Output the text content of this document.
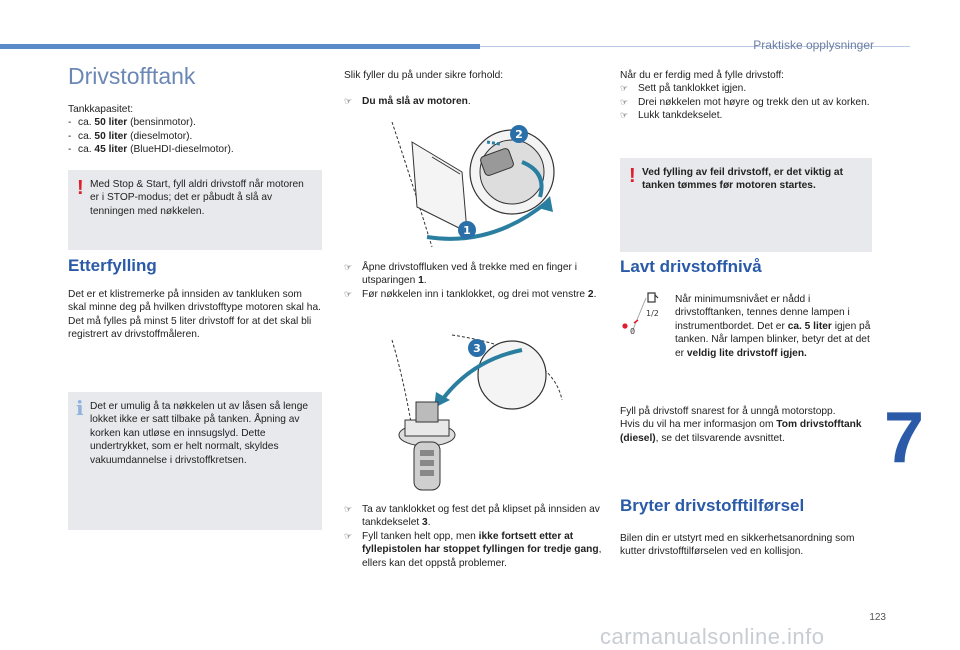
Praktiske opplysninger
Drivstofftank

Tankkapasitet:

- ca. 50 liter (bensinmotor).
- ca. 50 liter (dieselmotor).
- ca. 45 liter (BlueHDI-dieselmotor).
! Med Stop & Start, fyll aldri drivstoff når motoren er i STOP-modus; det er påbudt å slå av tenningen med nøkkelen.
Etterfylling

Det er et klistremerke på innsiden av tankluken som skal minne deg på hvilken drivstofftype motoren skal ha.

Det må fylles på minst 5 liter drivstoff for at det skal bli registrert av drivstoffmåleren.

i Det er umulig å ta nøkkelen ut av låsen så lenge lokket ikke er satt tilbake på tanken. Åpning av korken kan utløse en innsugslyd. Dette undertrykket, som er helt normalt, skyldes vakuumdannelse i drivstoffkretsen.
Slik fyller du på under sikre forhold:
☞ Du må slå av motoren.
2
1
☞ Åpne drivstoffluken ved å trekke med en finger i utsparingen 1.
☞ Før nøkkelen inn i tanklokket, og drei mot venstre 2.
3
☞ Ta av tanklokket og fest det på klipset på innsiden av tankdekselet 3.
☞ Fyll tanken helt opp, men ikke fortsett etter at fyllepistolen har stoppet fyllingen for tredje gang, ellers kan det oppstå problemer.

Når du er ferdig med å fylle drivstoff:

☞ Sett på tanklokket igjen.
☞ Drei nøkkelen mot høyre og trekk den ut av korken.
☞ Lukk tankdekselet.
! Ved fylling av feil drivstoff, er det viktig at tanken tømmes før motoren startes.
Lavt drivstoffnivå
1/2
0
Når minimumsnivået er nådd i drivstofftanken, tennes denne lampen i instrumentbordet. Det er ca. 5 liter igjen på tanken. Når lampen blinker, betyr det at det er veldig lite drivstoff igjen.

Fyll på drivstoff snarest for å unngå motorstopp.

Hvis du vil ha mer informasjon om Tom drivstofftank (diesel), se det tilsvarende avsnittet.

Bryter drivstofftilførsel
Bilen din er utstyrt med en sikkerhetsanordning som kutter drivstofftilførselen ved en kollisjon.
7
123
carmanualsonline.info
